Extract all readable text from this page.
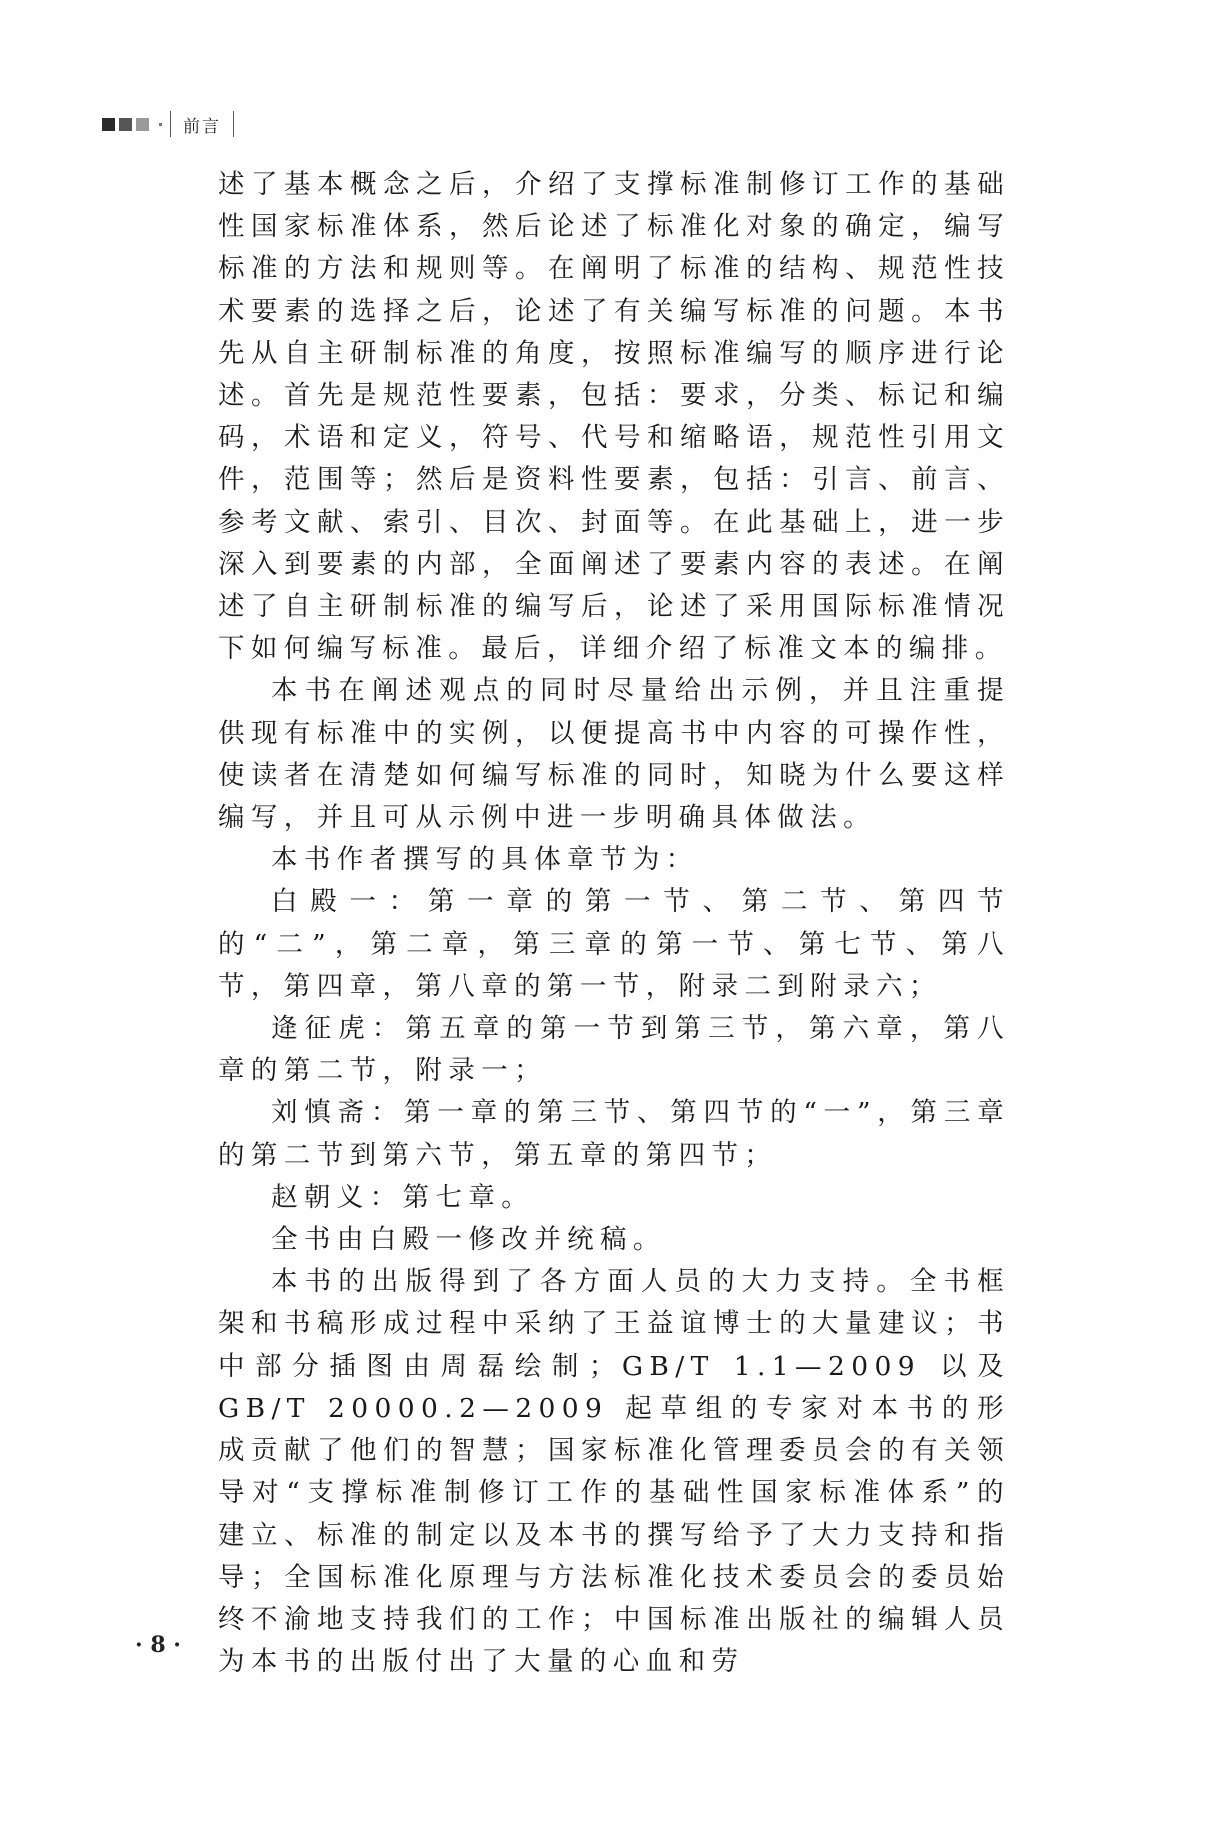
前言

述了基本概念之后，介绍了支撑标准制修订工作的基础性国家标准体系，然后论述了标准化对象的确定，编写标准的方法和规则等。在阐明了标准的结构、规范性技术要素的选择之后，论述了有关编写标准的问题。本书先从自主研制标准的角度，按照标准编写的顺序进行论述。首先是规范性要素，包括：要求，分类、标记和编码，术语和定义，符号、代号和缩略语，规范性引用文件，范围等；然后是资料性要素，包括：引言、前言、参考文献、索引、目次、封面等。在此基础上，进一步深入到要素的内部，全面阐述了要素内容的表述。在阐述了自主研制标准的编写后，论述了采用国际标准情况下如何编写标准。最后，详细介绍了标准文本的编排。

本书在阐述观点的同时尽量给出示例，并且注重提供现有标准中的实例，以便提高书中内容的可操作性，使读者在清楚如何编写标准的同时，知晓为什么要这样编写，并且可从示例中进一步明确具体做法。

本书作者撰写的具体章节为：

白殿一：第一章的第一节、第二节、第四节的“二”，第二章，第三章的第一节、第七节、第八节，第四章，第八章的第一节，附录二到附录六；

逄征虎：第五章的第一节到第三节，第六章，第八章的第二节，附录一；

刘慎斋：第一章的第三节、第四节的“一”，第三章的第二节到第六节，第五章的第四节；

赵朝义：第七章。

全书由白殿一修改并统稿。

本书的出版得到了各方面人员的大力支持。全书框架和书稿形成过程中采纳了王益谊博士的大量建议；书中部分插图由周磊绘制；GB/T 1.1—2009 以及 GB/T 20000.2—2009 起草组的专家对本书的形成贡献了他们的智慧；国家标准化管理委员会的有关领导对“支撑标准制修订工作的基础性国家标准体系”的建立、标准的制定以及本书的撰写给予了大力支持和指导；全国标准化原理与方法标准化技术委员会的委员始终不渝地支持我们的工作；中国标准出版社的编辑人员为本书的出版付出了大量的心血和劳

· 8 ·
